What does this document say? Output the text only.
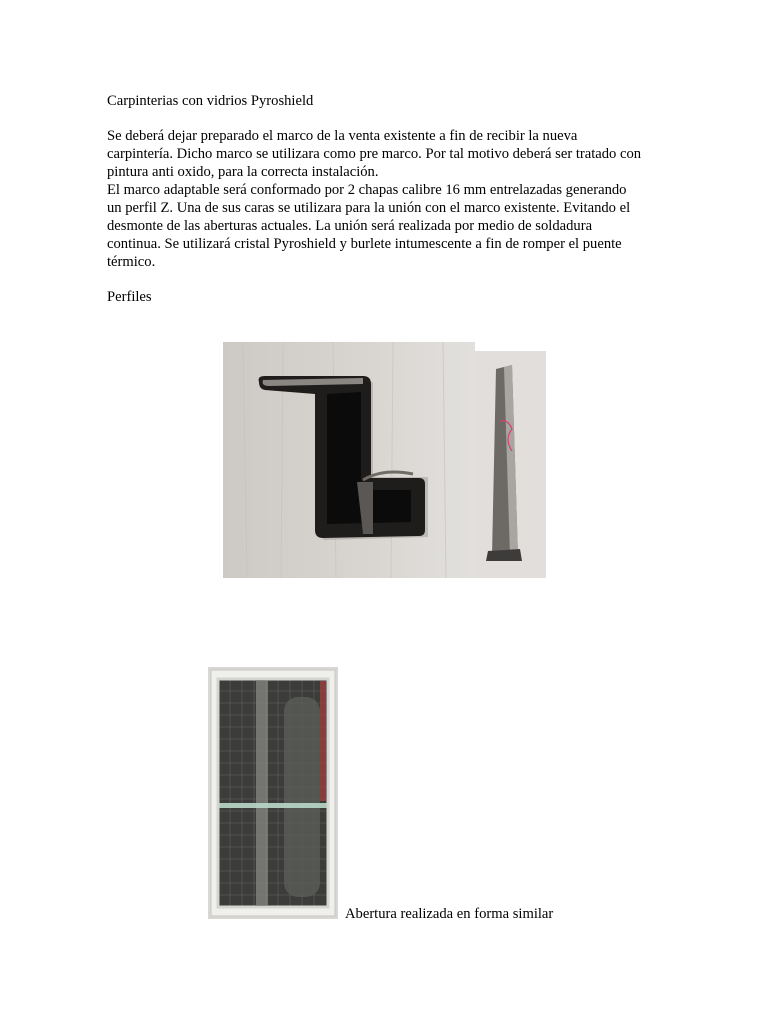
Carpinterias con vidrios Pyroshield

Se deberá dejar preparado el marco de la venta existente a fin de recibir la nueva

carpintería. Dicho marco se utilizara como pre marco. Por tal motivo deberá ser tratado con

pintura anti oxido, para la correcta instalación.

El marco adaptable será conformado por 2 chapas calibre 16 mm entrelazadas generando

un perfil Z. Una de sus caras se utilizara para la unión con el marco existente. Evitando el

desmonte de las aberturas actuales. La unión será realizada por medio de soldadura

continua. Se utilizará cristal Pyroshield y burlete intumescente a fin de romper el puente

térmico.

Perfiles
Abertura realizada en forma similar
